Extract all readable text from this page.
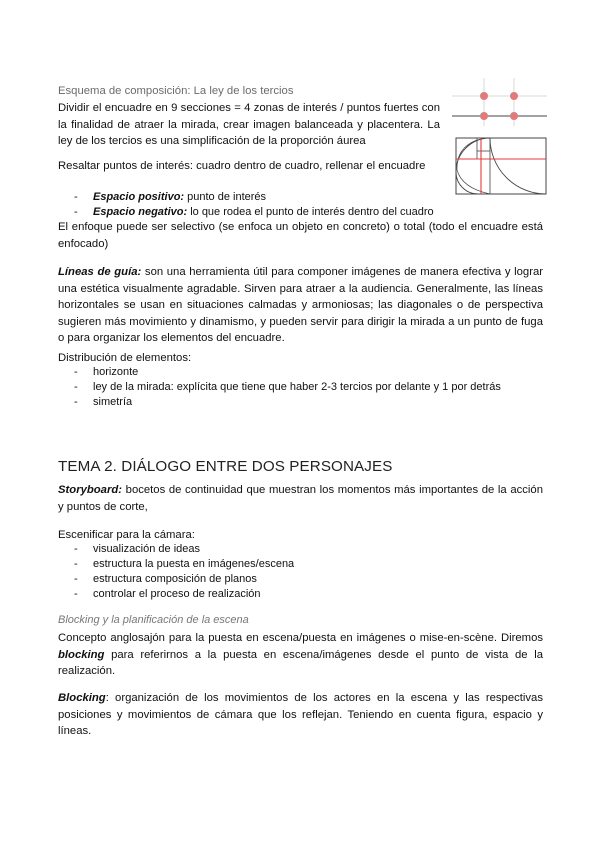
Esquema de composición: La ley de los tercios

Dividir el encuadre en 9 secciones = 4 zonas de interés / puntos fuertes con la finalidad de atraer la mirada, crear imagen balanceada y placentera. La ley de los tercios es una simplificación de la proporción áurea

Resaltar puntos de interés: cuadro dentro de cuadro, rellenar el encuadre

- Espacio positivo: punto de interés
- Espacio negativo: lo que rodea el punto de interés dentro del cuadro

El enfoque puede ser selectivo (se enfoca un objeto en concreto) o total (todo el encuadre está enfocado)

Líneas de guía: son una herramienta útil para componer imágenes de manera efectiva y lograr una estética visualmente agradable. Sirven para atraer a la audiencia. Generalmente, las líneas horizontales se usan en situaciones calmadas y armoniosas; las diagonales o de perspectiva sugieren más movimiento y dinamismo, y pueden servir para dirigir la mirada a un punto de fuga o para organizar los elementos del encuadre.

Distribución de elementos:

- horizonte
- ley de la mirada: explícita que tiene que haber 2-3 tercios por delante y 1 por detrás
- simetría
TEMA 2. DIÁLOGO ENTRE DOS PERSONAJES

Storyboard: bocetos de continuidad que muestran los momentos más importantes de la acción y puntos de corte,

Escenificar para la cámara:

- visualización de ideas
- estructura la puesta en imágenes/escena
- estructura composición de planos
- controlar el proceso de realización
Blocking y la planificación de la escena

Concepto anglosajón para la puesta en escena/puesta en imágenes o mise-en-scène. Diremos blocking para referirnos a la puesta en escena/imágenes desde el punto de vista de la realización.

Blocking: organización de los movimientos de los actores en la escena y las respectivas posiciones y movimientos de cámara que los reflejan. Teniendo en cuenta figura, espacio y líneas.
